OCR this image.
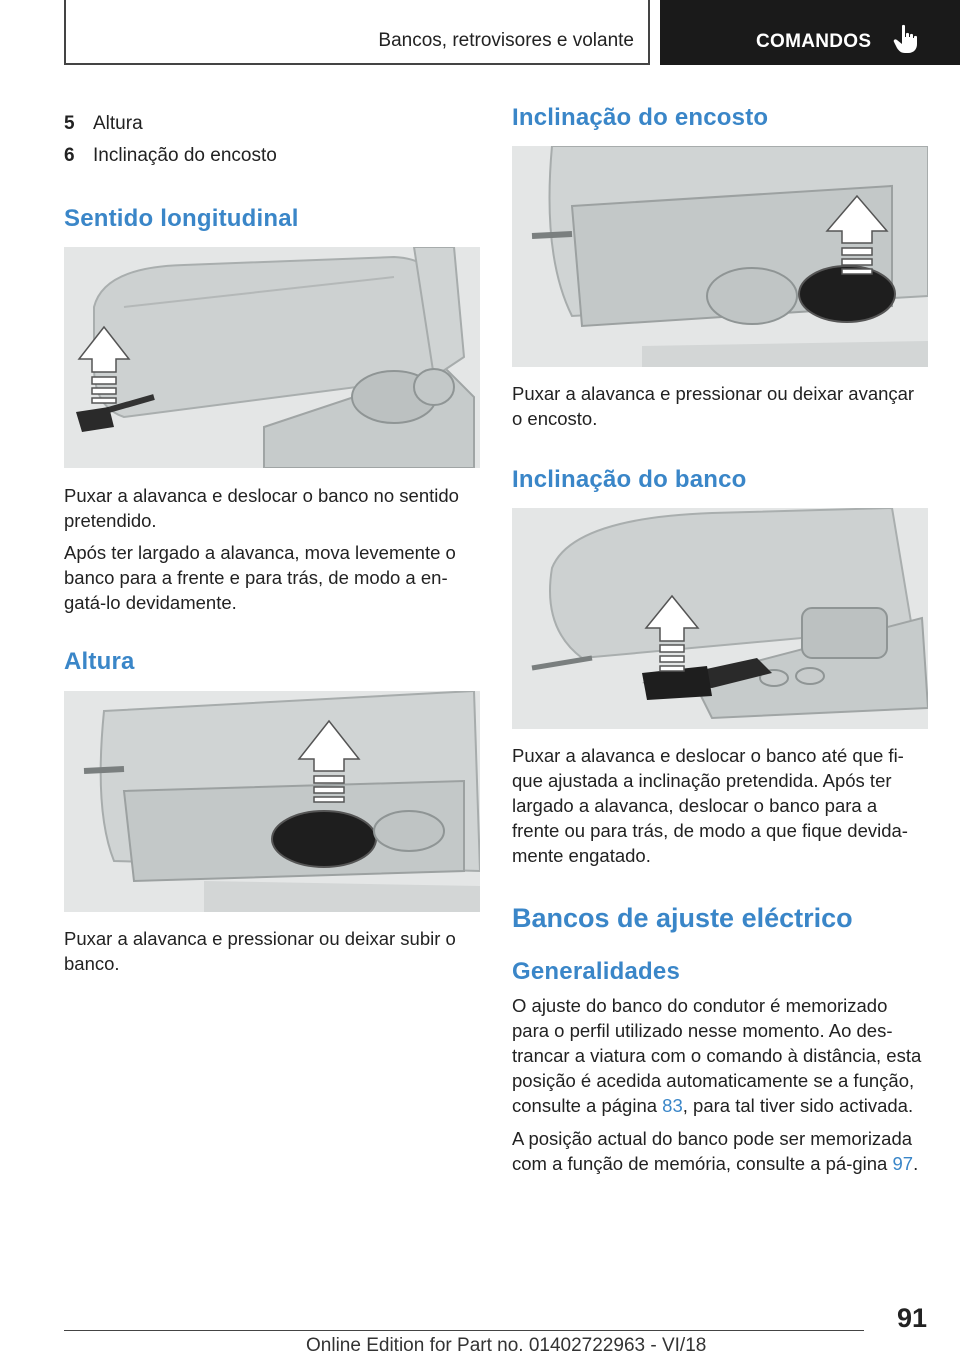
Bancos, retrovisores e volante	COMANDOS
5 Altura
6 Inclinação do encosto
Sentido longitudinal

Puxar a alavanca e deslocar o banco no sentido pretendido.

Após ter largado a alavanca, mova levemente o banco para a frente e para trás, de modo a en‐gatá-lo devidamente.

Altura

Puxar a alavanca e pressionar ou deixar subir o banco.

Inclinação do encosto

Puxar a alavanca e pressionar ou deixar avançar o encosto.

Inclinação do banco

Puxar a alavanca e deslocar o banco até que fi‐que ajustada a inclinação pretendida. Após ter largado a alavanca, deslocar o banco para a frente ou para trás, de modo a que fique devida‐mente engatado.

Bancos de ajuste eléctrico
Generalidades

O ajuste do banco do condutor é memorizado para o perfil utilizado nesse momento. Ao des‐trancar a viatura com o comando à distância, esta posição é acedida automaticamente se a função, consulte a página 83, para tal tiver sido activada.

A posição actual do banco pode ser memorizada com a função de memória, consulte a pá‐gina 97.

91
Online Edition for Part no. 01402722963 - VI/18
